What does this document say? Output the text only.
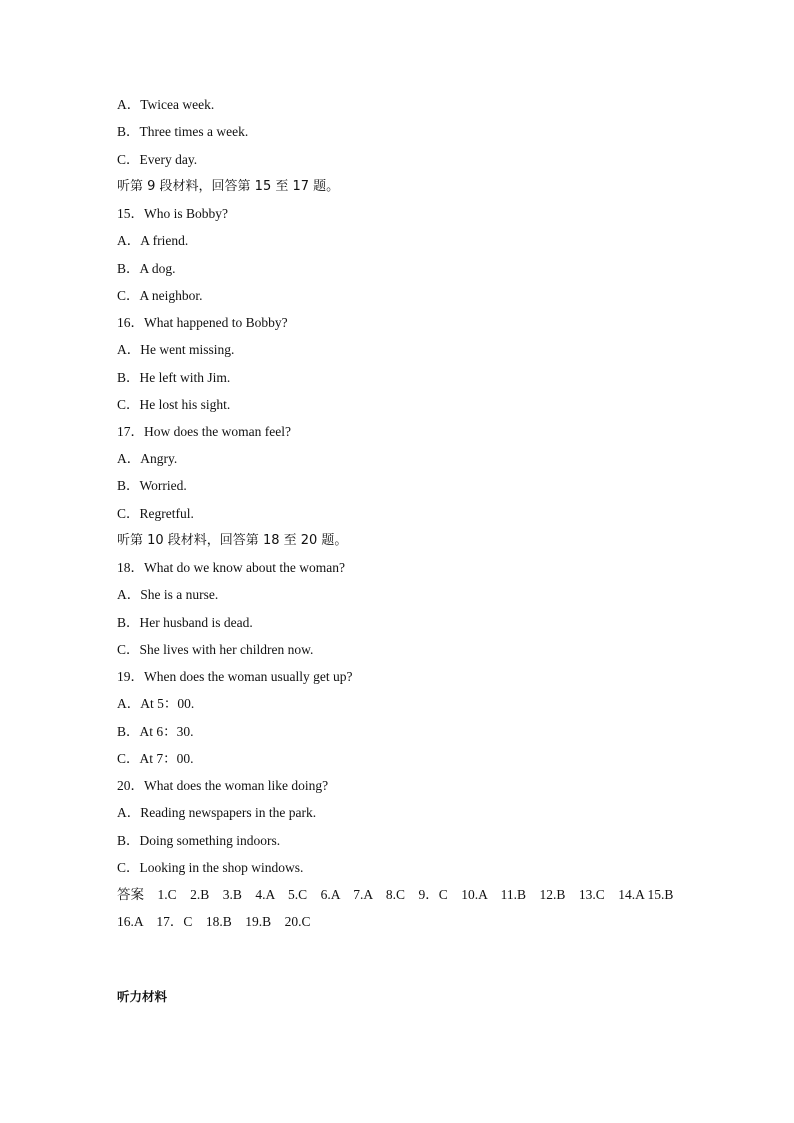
A．Twicea week.
B．Three times a week.
C．Every day.
听第 9 段材料，回答第 15 至 17 题。
15．Who is Bobby?
A．A friend.
B．A dog.
C．A neighbor.
16．What happened to Bobby?
A．He went missing.
B．He left with Jim.
C．He lost his sight.
17．How does the woman feel?
A．Angry.
B．Worried.
C．Regretful.
听第 10 段材料，回答第 18 至 20 题。
18．What do we know about the woman?
A．She is a nurse.
B．Her husband is dead.
C．She lives with her children now.
19．When does the woman usually get up?
A．At 5：00.
B．At 6：30.
C．At 7：00.
20．What does the woman like doing?
A．Reading newspapers in the park.
B．Doing something indoors.
C．Looking in the shop windows.
答案　1.C　2.B　3.B　4.A　5.C　6.A　7.A　8.C　9．C　10.A　11.B　12.B　13.C　14.A 15.B　16.A　17．C　18.B　19.B　20.C
听力材料
